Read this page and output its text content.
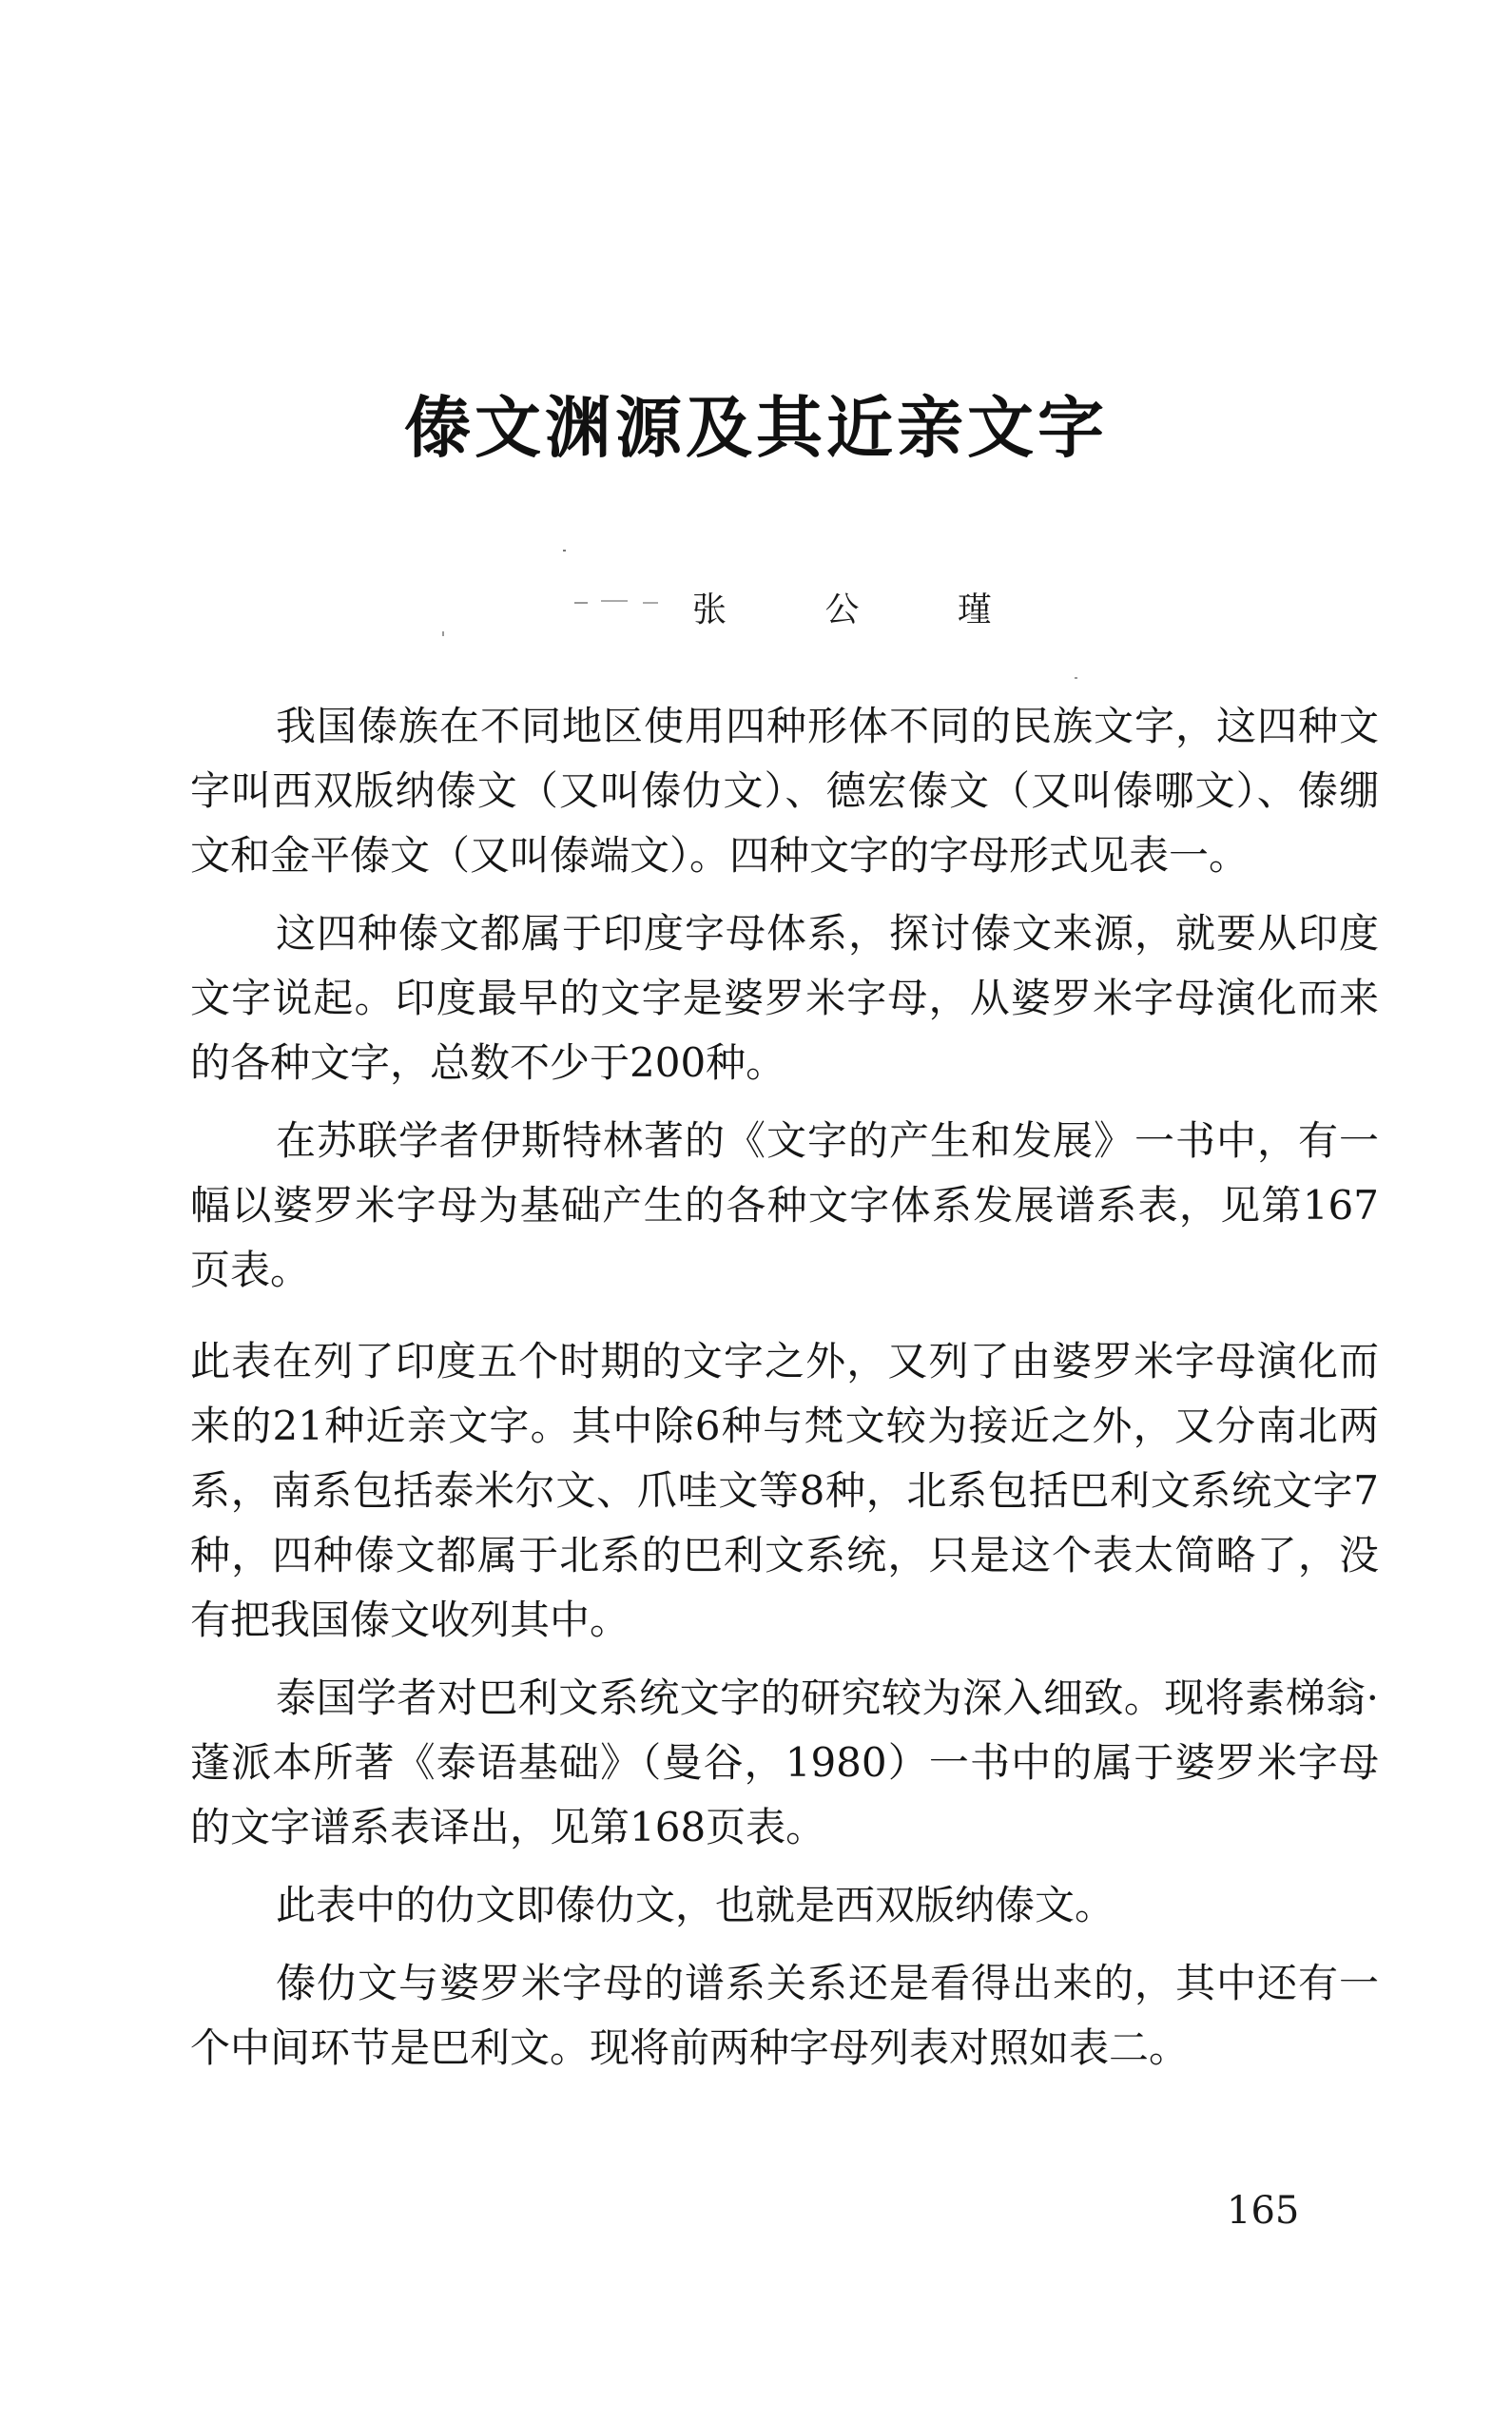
傣文渊源及其近亲文字
张 公 瑾

我国傣族在不同地区使用四种形体不同的民族文字，这四种文字叫西双版纳傣文（又叫傣仂文）、德宏傣文（又叫傣哪文）、傣绷文和金平傣文（又叫傣端文）。四种文字的字母形式见表一。

这四种傣文都属于印度字母体系，探讨傣文来源，就要从印度文字说起。印度最早的文字是婆罗米字母，从婆罗米字母演化而来的各种文字，总数不少于200种。

在苏联学者伊斯特林著的《文字的产生和发展》一书中，有一幅以婆罗米字母为基础产生的各种文字体系发展谱系表，见第167页表。

此表在列了印度五个时期的文字之外，又列了由婆罗米字母演化而来的21种近亲文字。其中除6种与梵文较为接近之外，又分南北两系，南系包括泰米尔文、爪哇文等8种，北系包括巴利文系统文字7种，四种傣文都属于北系的巴利文系统，只是这个表太简略了，没有把我国傣文收列其中。

泰国学者对巴利文系统文字的研究较为深入细致。现将素梯翁·蓬派本所著《泰语基础》（曼谷，1980）一书中的属于婆罗米字母的文字谱系表译出，见第168页表。

此表中的仂文即傣仂文，也就是西双版纳傣文。

傣仂文与婆罗米字母的谱系关系还是看得出来的，其中还有一个中间环节是巴利文。现将前两种字母列表对照如表二。

165
